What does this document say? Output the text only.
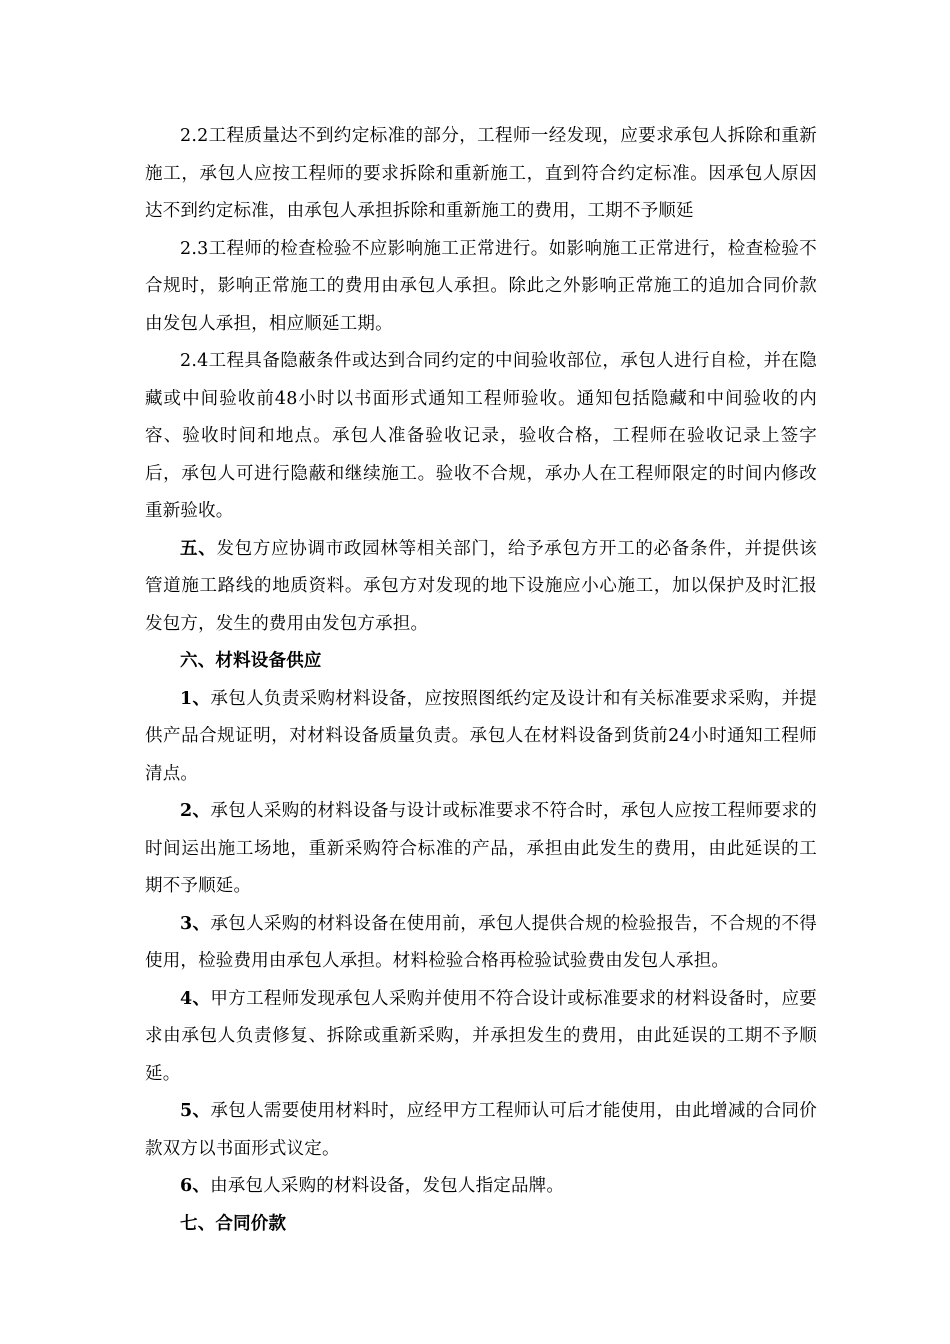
2.2工程质量达不到约定标准的部分，工程师一经发现，应要求承包人拆除和重新施工，承包人应按工程师的要求拆除和重新施工，直到符合约定标准。因承包人原因达不到约定标准，由承包人承担拆除和重新施工的费用，工期不予顺延

2.3工程师的检查检验不应影响施工正常进行。如影响施工正常进行，检查检验不合规时，影响正常施工的费用由承包人承担。除此之外影响正常施工的追加合同价款由发包人承担，相应顺延工期。

2.4工程具备隐蔽条件或达到合同约定的中间验收部位，承包人进行自检，并在隐藏或中间验收前48小时以书面形式通知工程师验收。通知包括隐藏和中间验收的内容、验收时间和地点。承包人准备验收记录，验收合格，工程师在验收记录上签字后，承包人可进行隐蔽和继续施工。验收不合规，承办人在工程师限定的时间内修改重新验收。

五、发包方应协调市政园林等相关部门，给予承包方开工的必备条件，并提供该管道施工路线的地质资料。承包方对发现的地下设施应小心施工，加以保护及时汇报发包方，发生的费用由发包方承担。

六、材料设备供应

1、承包人负责采购材料设备，应按照图纸约定及设计和有关标准要求采购，并提供产品合规证明，对材料设备质量负责。承包人在材料设备到货前24小时通知工程师清点。

2、承包人采购的材料设备与设计或标准要求不符合时，承包人应按工程师要求的时间运出施工场地，重新采购符合标准的产品，承担由此发生的费用，由此延误的工期不予顺延。

3、承包人采购的材料设备在使用前，承包人提供合规的检验报告，不合规的不得使用，检验费用由承包人承担。材料检验合格再检验试验费由发包人承担。

4、甲方工程师发现承包人采购并使用不符合设计或标准要求的材料设备时，应要求由承包人负责修复、拆除或重新采购，并承担发生的费用，由此延误的工期不予顺延。

5、承包人需要使用材料时，应经甲方工程师认可后才能使用，由此增减的合同价款双方以书面形式议定。

6、由承包人采购的材料设备，发包人指定品牌。

七、合同价款
